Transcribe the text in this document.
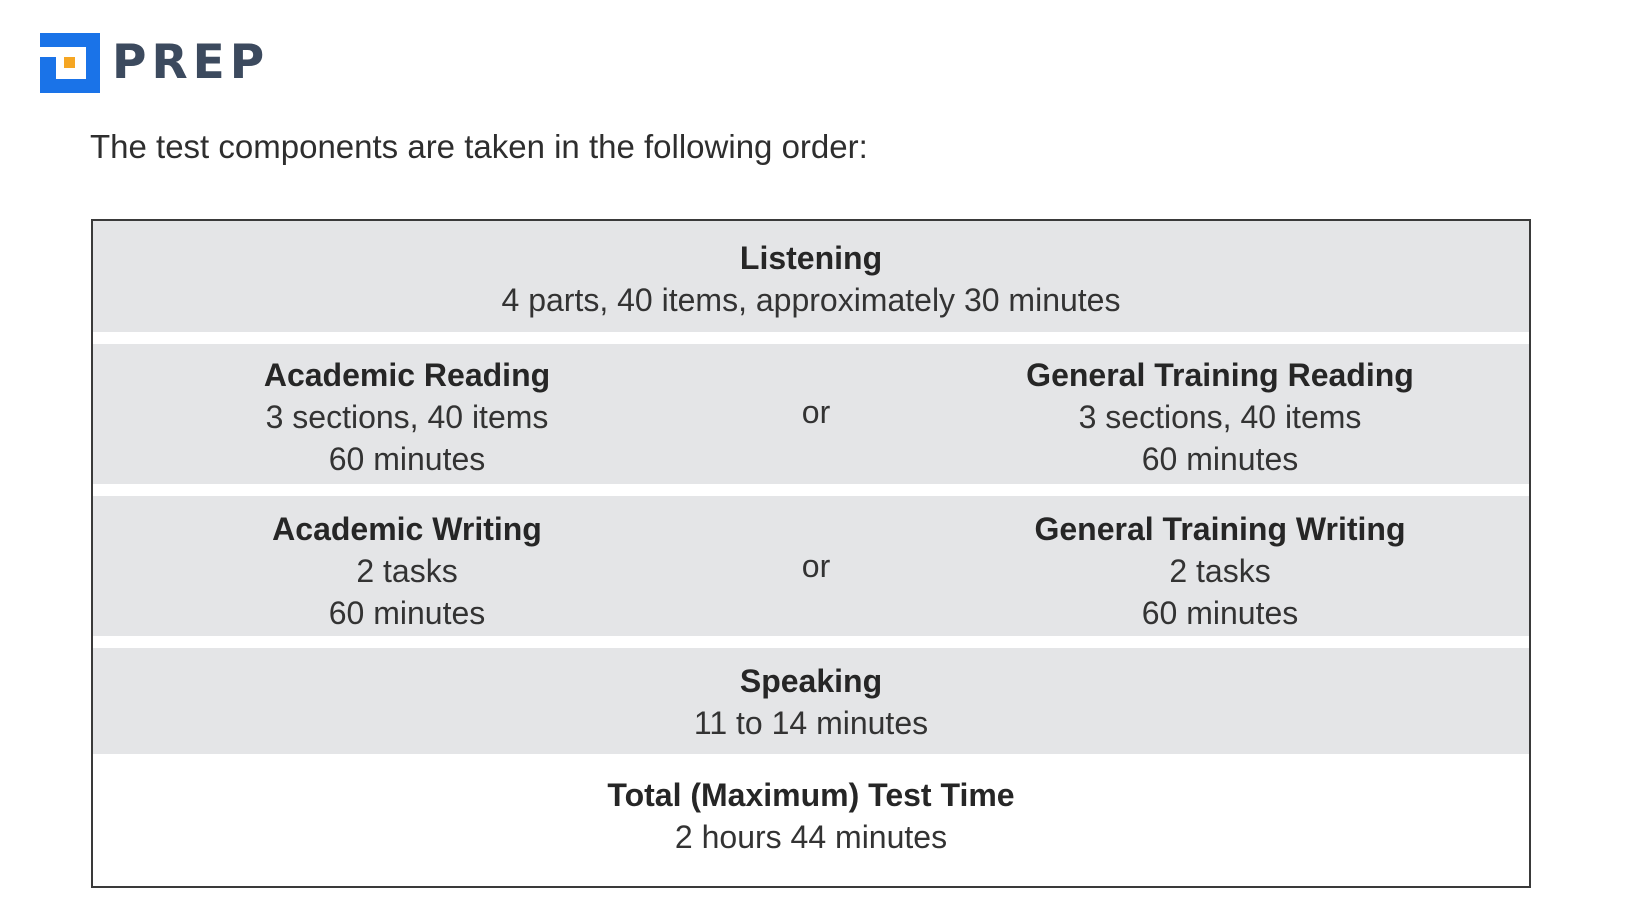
PREP
The test components are taken in the following order:
Listening
4 parts, 40 items, approximately 30 minutes
Academic Reading
3 sections, 40 items
60 minutes
or
General Training Reading
3 sections, 40 items
60 minutes
Academic Writing
2 tasks
60 minutes
or
General Training Writing
2 tasks
60 minutes
Speaking
11 to 14 minutes
Total (Maximum) Test Time
2 hours 44 minutes
